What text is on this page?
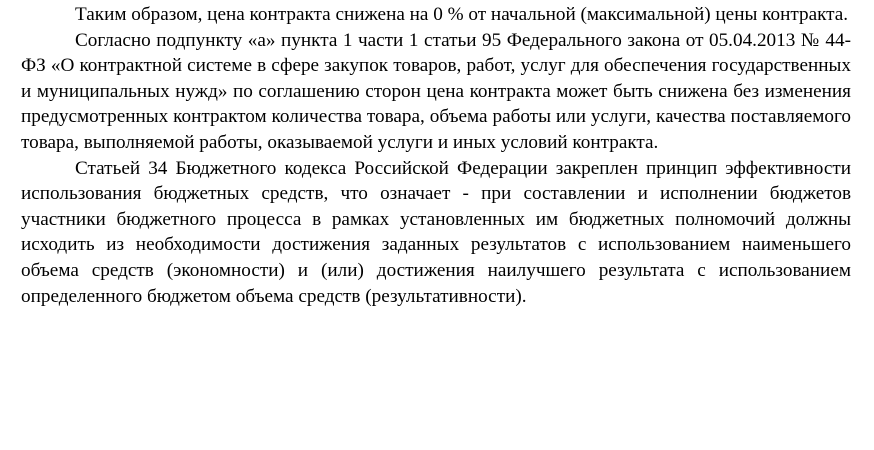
Таким образом, цена контракта снижена на 0 % от начальной (максимальной) цены контракта.

Согласно подпункту «а» пункта 1 части 1 статьи 95 Федерального закона от 05.04.2013 № 44-ФЗ «О контрактной системе в сфере закупок товаров, работ, услуг для обеспечения государственных и муниципальных нужд» по соглашению сторон цена контракта может быть снижена без изменения предусмотренных контрактом количества товара, объема работы или услуги, качества поставляемого товара, выполняемой работы, оказываемой услуги и иных условий контракта.

Статьей 34 Бюджетного кодекса Российской Федерации закреплен принцип эффективности использования бюджетных средств, что означает - при составлении и исполнении бюджетов участники бюджетного процесса в рамках установленных им бюджетных полномочий должны исходить из необходимости достижения заданных результатов с использованием наименьшего объема средств (экономности) и (или) достижения наилучшего результата с использованием определенного бюджетом объема средств (результативности).
